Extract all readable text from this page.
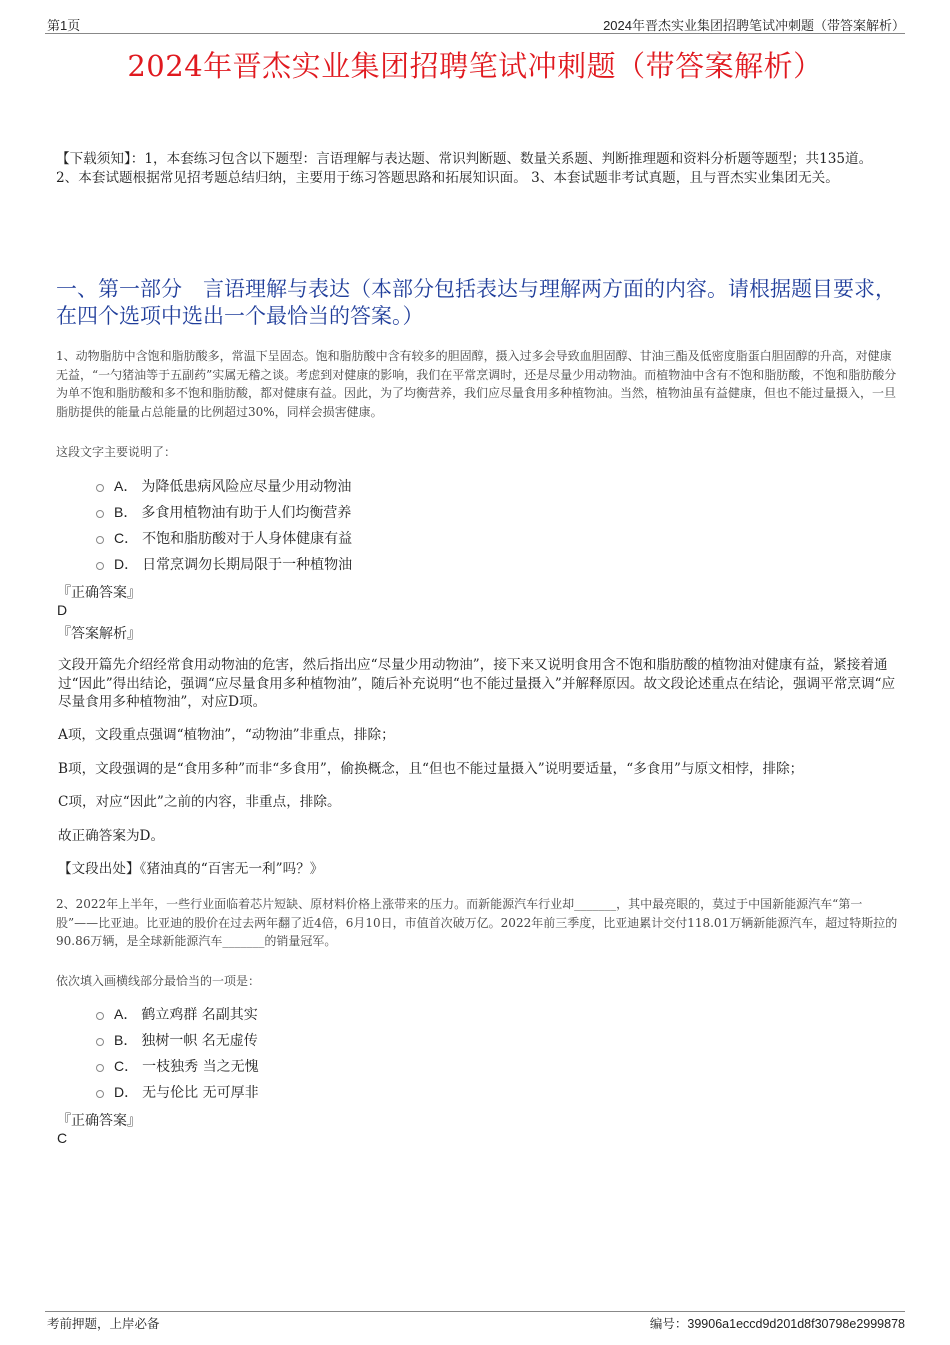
第1页	2024年晋杰实业集团招聘笔试冲刺题（带答案解析）
2024年晋杰实业集团招聘笔试冲刺题（带答案解析）
【下载须知】：1，本套练习包含以下题型：言语理解与表达题、常识判断题、数量关系题、判断推理题和资料分析题等题型；共135道。 2、本套试题根据常见招考题总结归纳，主要用于练习答题思路和拓展知识面。 3、本套试题非考试真题，且与晋杰实业集团无关。
一、第一部分　言语理解与表达（本部分包括表达与理解两方面的内容。请根据题目要求，在四个选项中选出一个最恰当的答案。）
1、动物脂肪中含饱和脂肪酸多，常温下呈固态。饱和脂肪酸中含有较多的胆固醇，摄入过多会导致血胆固醇、甘油三酯及低密度脂蛋白胆固醇的升高，对健康无益，“一勺猪油等于五副药”实属无稽之谈。考虑到对健康的影响，我们在平常烹调时，还是尽量少用动物油。而植物油中含有不饱和脂肪酸，不饱和脂肪酸分为单不饱和脂肪酸和多不饱和脂肪酸，都对健康有益。因此，为了均衡营养，我们应尽量食用多种植物油。当然，植物油虽有益健康，但也不能过量摄入，一旦脂肪提供的能量占总能量的比例超过30%，同样会损害健康。
这段文字主要说明了：
A． 为降低患病风险应尽量少用动物油
B． 多食用植物油有助于人们均衡营养
C． 不饱和脂肪酸对于人身体健康有益
D． 日常烹调勿长期局限于一种植物油
『正确答案』
D
『答案解析』
文段开篇先介绍经常食用动物油的危害，然后指出应“尽量少用动物油”，接下来又说明食用含不饱和脂肪酸的植物油对健康有益，紧接着通过“因此”得出结论，强调“应尽量食用多种植物油”，随后补充说明“也不能过量摄入”并解释原因。故文段论述重点在结论，强调平常烹调“应尽量食用多种植物油”，对应D项。
A项，文段重点强调“植物油”，“动物油”非重点，排除；
B项，文段强调的是“食用多种”而非“多食用”，偷换概念，且“但也不能过量摄入”说明要适量，“多食用”与原文相悖，排除；
C项，对应“因此”之前的内容，非重点，排除。
故正确答案为D。
【文段出处】《猪油真的“百害无一利”吗？》
2、2022年上半年，一些行业面临着芯片短缺、原材料价格上涨带来的压力。而新能源汽车行业却_______，其中最亮眼的，莫过于中国新能源汽车“第一股”——比亚迪。比亚迪的股价在过去两年翻了近4倍，6月10日，市值首次破万亿。2022年前三季度，比亚迪累计交付118.01万辆新能源汽车，超过特斯拉的90.86万辆，是全球新能源汽车_______的销量冠军。
依次填入画横线部分最恰当的一项是：
A． 鹤立鸡群 名副其实
B． 独树一帜 名无虚传
C． 一枝独秀 当之无愧
D． 无与伦比 无可厚非
『正确答案』
C
考前押题，上岸必备	编号：39906a1eccd9d201d8f30798e2999878
